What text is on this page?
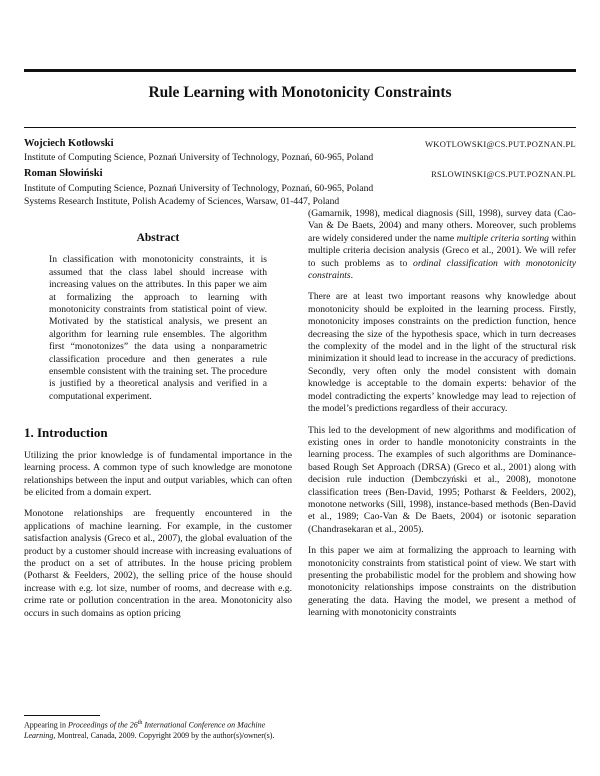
Rule Learning with Monotonicity Constraints
Wojciech Kotłowski	WKOTLOWSKI@CS.PUT.POZNAN.PL
Institute of Computing Science, Poznań University of Technology, Poznań, 60-965, Poland
Roman Słowiński	RSLOWINSKI@CS.PUT.POZNAN.PL
Institute of Computing Science, Poznań University of Technology, Poznań, 60-965, Poland
Systems Research Institute, Polish Academy of Sciences, Warsaw, 01-447, Poland
Abstract
In classification with monotonicity constraints, it is assumed that the class label should increase with increasing values on the attributes. In this paper we aim at formalizing the approach to learning with monotonicity constraints from statistical point of view. Motivated by the statistical analysis, we present an algorithm for learning rule ensembles. The algorithm first “monotonizes” the data using a nonparametric classification procedure and then generates a rule ensemble consistent with the training set. The procedure is justified by a theoretical analysis and verified in a computational experiment.
1. Introduction

Utilizing the prior knowledge is of fundamental importance in the learning process. A common type of such knowledge are monotone relationships between the input and output variables, which can often be elicited from a domain expert.

Monotone relationships are frequently encountered in the applications of machine learning. For example, in the customer satisfaction analysis (Greco et al., 2007), the global evaluation of the product by a customer should increase with increasing evaluations of the product on a set of attributes. In the house pricing problem (Potharst & Feelders, 2002), the selling price of the house should increase with e.g. lot size, number of rooms, and decrease with e.g. crime rate or pollution concentration in the area. Monotonicity also occurs in such domains as option pricing

(Gamarnik, 1998), medical diagnosis (Sill, 1998), survey data (Cao-Van & De Baets, 2004) and many others. Moreover, such problems are widely considered under the name multiple criteria sorting within multiple criteria decision analysis (Greco et al., 2001). We will refer to such problems as to ordinal classification with monotonicity constraints.

There are at least two important reasons why knowledge about monotonicity should be exploited in the learning process. Firstly, monotonicity imposes constraints on the prediction function, hence decreasing the size of the hypothesis space, which in turn decreases the complexity of the model and in the light of the structural risk minimization it should lead to increase in the accuracy of predictions. Secondly, very often only the model consistent with domain knowledge is acceptable to the domain experts: behavior of the model contradicting the experts’ knowledge may lead to rejection of the model’s predictions regardless of their accuracy.

This led to the development of new algorithms and modification of existing ones in order to handle monotonicity constraints in the learning process. The examples of such algorithms are Dominance-based Rough Set Approach (DRSA) (Greco et al., 2001) along with decision rule induction (Dembczyński et al., 2008), monotone classification trees (Ben-David, 1995; Potharst & Feelders, 2002), monotone networks (Sill, 1998), instance-based methods (Ben-David et al., 1989; Cao-Van & De Baets, 2004) or isotonic separation (Chandrasekaran et al., 2005).

In this paper we aim at formalizing the approach to learning with monotonicity constraints from statistical point of view. We start with presenting the probabilistic model for the problem and showing how monotonicity relationships impose constraints on the distribution generating the data. Having the model, we present a method of learning with monotonicity constraints

Appearing in Proceedings of the 26th International Conference on Machine Learning, Montreal, Canada, 2009. Copyright 2009 by the author(s)/owner(s).
